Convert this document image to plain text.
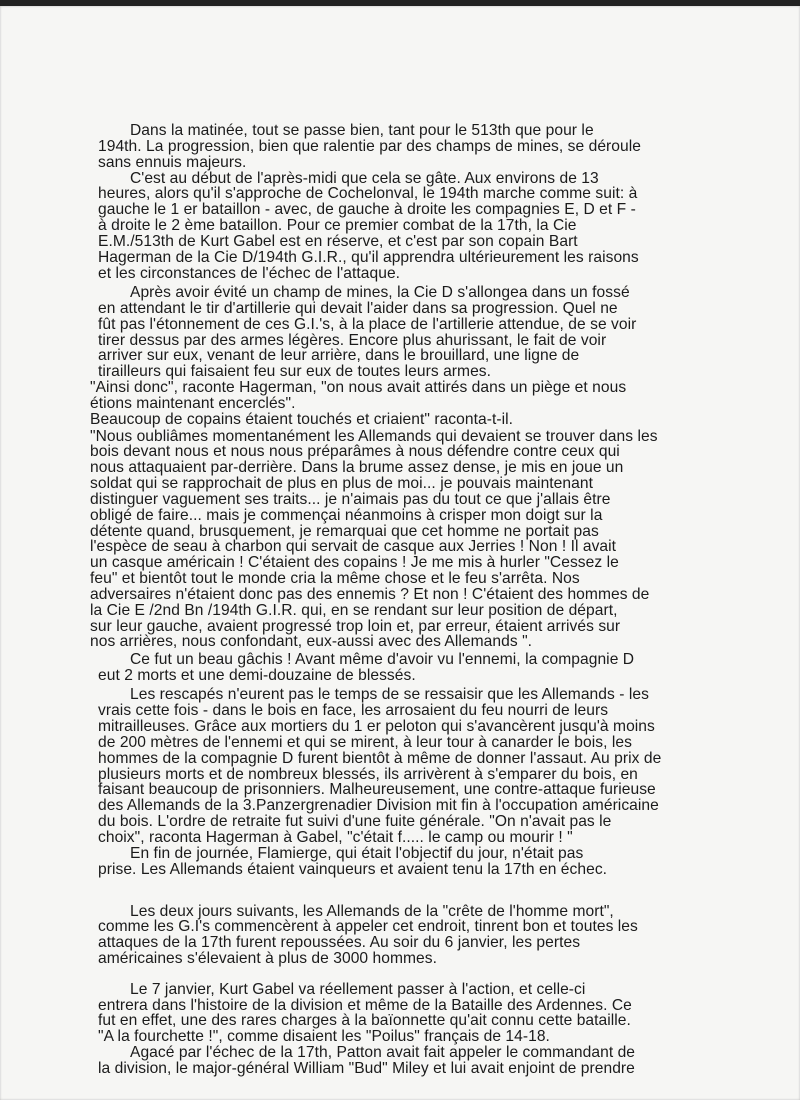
Dans la matinée, tout se passe bien, tant pour le 513th que pour le
194th. La progression, bien que ralentie par des champs de mines, se déroule
sans ennuis majeurs.
C'est au début de l'après-midi que cela se gâte. Aux environs de 13
heures, alors qu'il s'approche de Cochelonval, le 194th marche comme suit: à
gauche le 1 er bataillon - avec, de gauche à droite les compagnies E, D et F -
à droite le 2 ème bataillon. Pour ce premier combat de la 17th, la Cie
E.M./513th de Kurt Gabel est en réserve, et c'est par son copain Bart
Hagerman de la Cie D/194th G.I.R., qu'il apprendra ultérieurement les raisons
et les circonstances de l'échec de l'attaque.
Après avoir évité un champ de mines, la Cie D s'allongea dans un fossé
en attendant le tir d'artillerie qui devait l'aider dans sa progression. Quel ne
fût pas l'étonnement de ces G.I.'s, à la place de l'artillerie attendue, de se voir
tirer dessus par des armes légères. Encore plus ahurissant, le fait de voir
arriver sur eux, venant de leur arrière, dans le brouillard, une ligne de
tirailleurs qui faisaient feu sur eux de toutes leurs armes.
"Ainsi donc", raconte Hagerman, "on nous avait attirés dans un piège et nous
étions maintenant encerclés".
Beaucoup de copains étaient touchés et criaient" raconta-t-il.
"Nous oubliâmes momentanément les Allemands qui devaient se trouver dans les
bois devant nous et nous nous préparâmes à nous défendre contre ceux qui
nous attaquaient par-derrière. Dans la brume assez dense, je mis en joue un
soldat qui se rapprochait de plus en plus de moi... je pouvais maintenant
distinguer vaguement ses traits... je n'aimais pas du tout ce que j'allais être
obligé de faire... mais je commençai néanmoins à crisper mon doigt sur la
détente quand, brusquement, je remarquai que cet homme ne portait pas
l'espèce de seau à charbon qui servait de casque aux Jerries ! Non ! Il avait
un casque américain ! C'étaient des copains ! Je me mis à hurler "Cessez le
feu" et bientôt tout le monde cria la même chose et le feu s'arrêta. Nos
adversaires n'étaient donc pas des ennemis ? Et non ! C'étaient des hommes de
la Cie E /2nd Bn /194th G.I.R. qui, en se rendant sur leur position de départ,
sur leur gauche, avaient progressé trop loin et, par erreur, étaient arrivés sur
nos arrières, nous confondant, eux-aussi avec des Allemands ".
Ce fut un beau gâchis ! Avant même d'avoir vu l'ennemi, la compagnie D
eut 2 morts et une demi-douzaine de blessés.
Les rescapés n'eurent pas le temps de se ressaisir que les Allemands - les
vrais cette fois - dans le bois en face, les arrosaient du feu nourri de leurs
mitrailleuses. Grâce aux mortiers du 1 er peloton qui s'avancèrent jusqu'à moins
de 200 mètres de l'ennemi et qui se mirent, à leur tour à canarder le bois, les
hommes de la compagnie D furent bientôt à même de donner l'assaut. Au prix de
plusieurs morts et de nombreux blessés, ils arrivèrent à s'emparer du bois, en
faisant beaucoup de prisonniers. Malheureusement, une contre-attaque furieuse
des Allemands de la 3.Panzergrenadier Division mit fin à l'occupation américaine
du bois. L'ordre de retraite fut suivi d'une fuite générale. "On n'avait pas le
choix", raconta Hagerman à Gabel, "c'était f..... le camp ou mourir ! "
En fin de journée, Flamierge, qui était l'objectif du jour, n'était pas
prise. Les Allemands étaient vainqueurs et avaient tenu la 17th en échec.
Les deux jours suivants, les Allemands de la "crête de l'homme mort",
comme les G.I's commencèrent à appeler cet endroit, tinrent bon et toutes les
attaques de la 17th furent repoussées. Au soir du 6 janvier, les pertes
américaines s'élevaient à plus de 3000 hommes.
Le 7 janvier, Kurt Gabel va réellement passer à l'action, et celle-ci
entrera dans l'histoire de la division et même de la Bataille des Ardennes. Ce
fut en effet, une des rares charges à la baïonnette qu'ait connu cette bataille.
"A la fourchette !", comme disaient les "Poilus" français de 14-18.
Agacé par l'échec de la 17th, Patton avait fait appeler le commandant de
la division, le major-général William "Bud" Miley et lui avait enjoint de prendre
